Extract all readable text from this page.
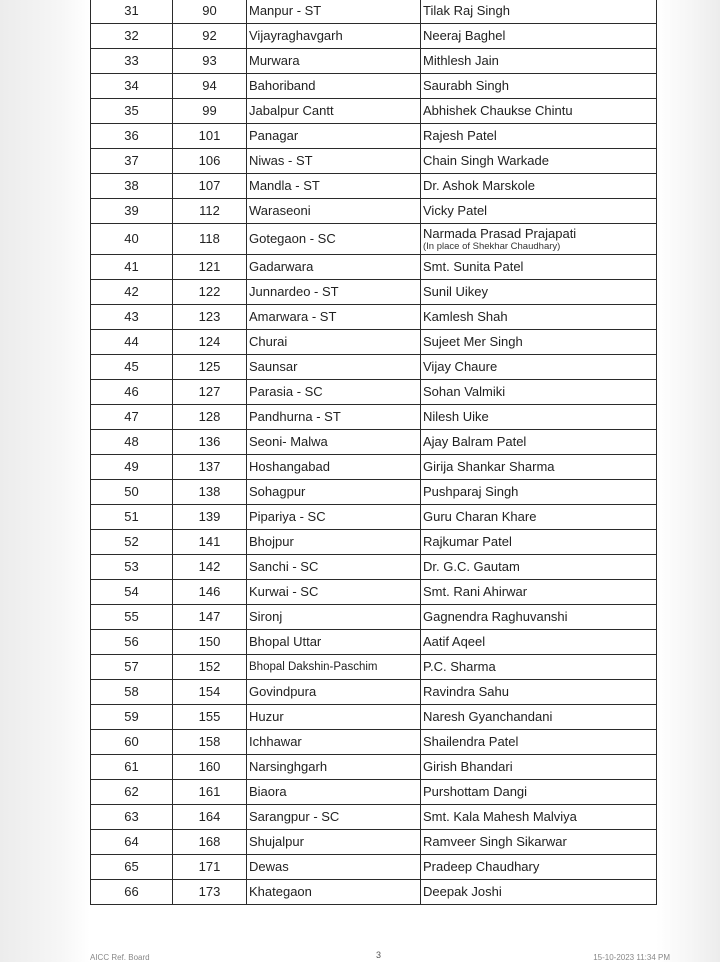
31	90	Manpur - ST	Tilak Raj Singh
32	92	Vijayraghavgarh	Neeraj Baghel
33	93	Murwara	Mithlesh Jain
34	94	Bahoriband	Saurabh Singh
35	99	Jabalpur Cantt	Abhishek Chaukse Chintu
36	101	Panagar	Rajesh Patel
37	106	Niwas - ST	Chain Singh Warkade
38	107	Mandla - ST	Dr. Ashok Marskole
39	112	Waraseoni	Vicky Patel
40	118	Gotegaon - SC	Narmada Prasad Prajapati
(In place of Shekhar Chaudhary)

41	121	Gadarwara	Smt. Sunita Patel
42	122	Junnardeo - ST	Sunil Uikey
43	123	Amarwara - ST	Kamlesh Shah
44	124	Churai	Sujeet Mer Singh
45	125	Saunsar	Vijay Chaure
46	127	Parasia - SC	Sohan Valmiki
47	128	Pandhurna - ST	Nilesh Uike
48	136	Seoni- Malwa	Ajay Balram Patel
49	137	Hoshangabad	Girija Shankar Sharma
50	138	Sohagpur	Pushparaj Singh
51	139	Pipariya - SC	Guru Charan Khare
52	141	Bhojpur	Rajkumar Patel
53	142	Sanchi - SC	Dr. G.C. Gautam
54	146	Kurwai - SC	Smt. Rani Ahirwar
55	147	Sironj	Gagnendra Raghuvanshi
56	150	Bhopal Uttar	Aatif Aqeel
57	152	Bhopal Dakshin-Paschim	P.C. Sharma
58	154	Govindpura	Ravindra Sahu
59	155	Huzur	Naresh Gyanchandani
60	158	Ichhawar	Shailendra Patel
61	160	Narsinghgarh	Girish Bhandari
62	161	Biaora	Purshottam Dangi
63	164	Sarangpur - SC	Smt. Kala Mahesh Malviya
64	168	Shujalpur	Ramveer Singh Sikarwar
65	171	Dewas	Pradeep Chaudhary
66	173	Khategaon	Deepak Joshi
AICC Ref. Board	3	15-10-2023 11:34 PM
